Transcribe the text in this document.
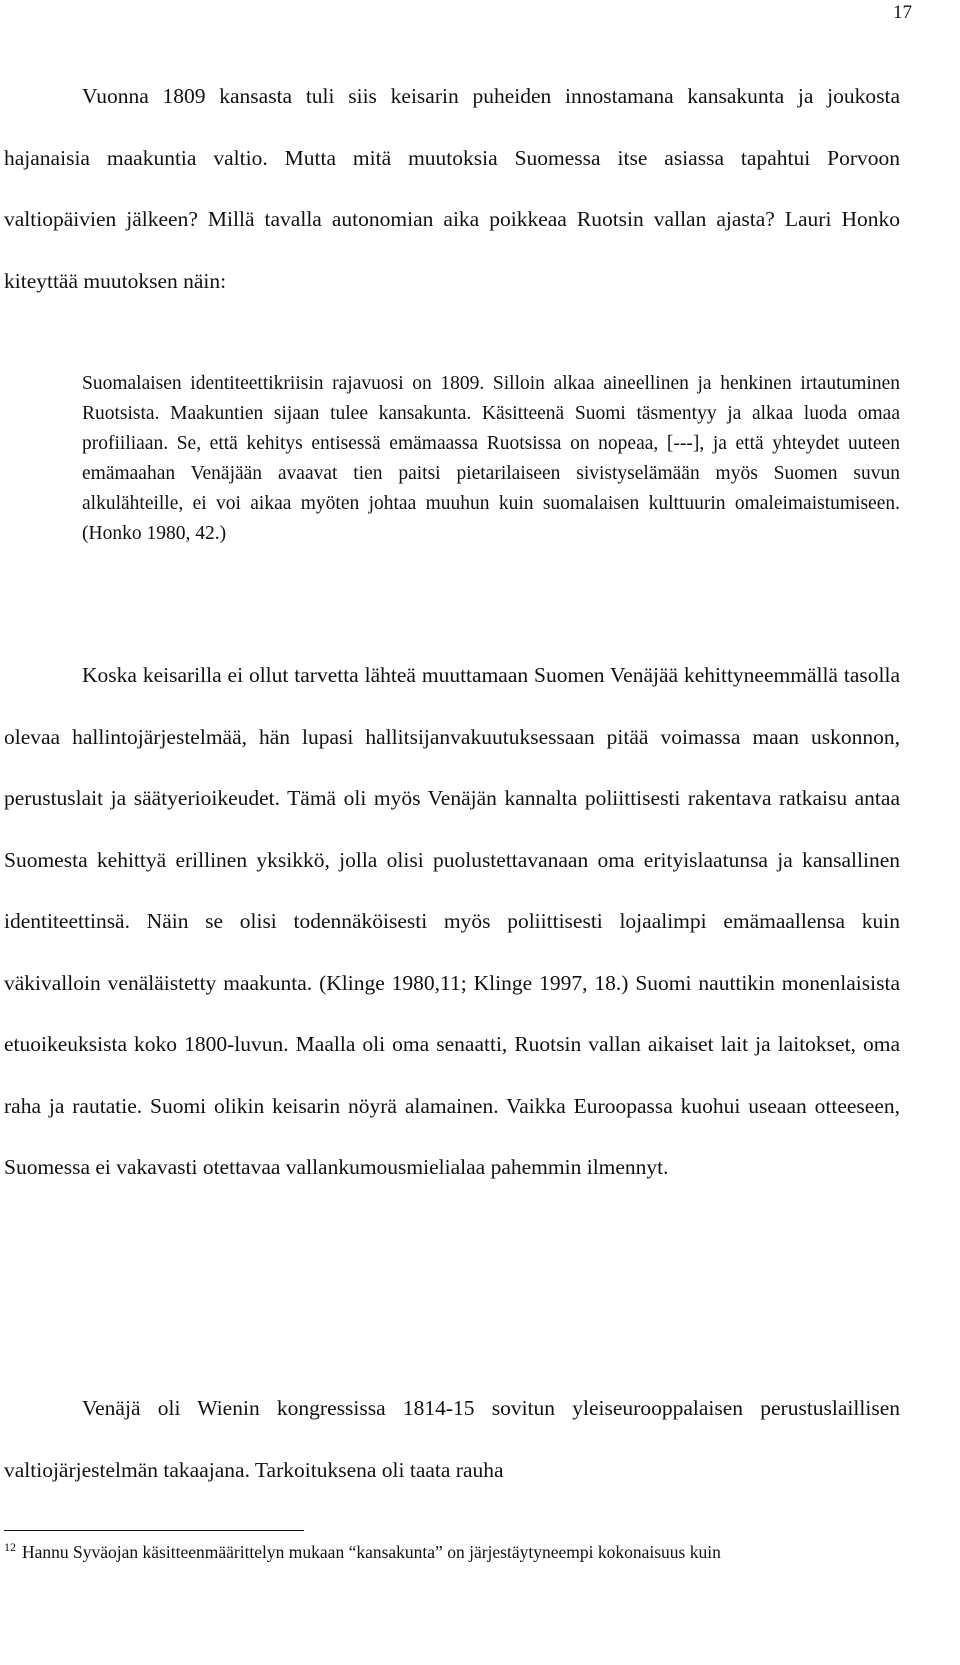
17

Vuonna 1809 kansasta tuli siis keisarin puheiden innostamana kansakunta ja joukosta hajanaisia maakuntia valtio. Mutta mitä muutoksia Suomessa itse asiassa tapahtui Porvoon valtiopäivien jälkeen? Millä tavalla autonomian aika poikkeaa Ruotsin vallan ajasta? Lauri Honko kiteyttää muutoksen näin:

Suomalaisen identiteettikriisin rajavuosi on 1809. Silloin alkaa aineellinen ja henkinen irtautuminen Ruotsista. Maakuntien sijaan tulee kansakunta. Käsitteenä Suomi täsmentyy ja alkaa luoda omaa profiiliaan. Se, että kehitys entisessä emämaassa Ruotsissa on nopeaa, [---], ja että yhteydet uuteen emämaahan Venäjään avaavat tien paitsi pietarilaiseen sivistyselämään myös Suomen suvun alkulähteille, ei voi aikaa myöten johtaa muuhun kuin suomalaisen kulttuurin omaleimaistumiseen. (Honko 1980, 42.)

Koska keisarilla ei ollut tarvetta lähteä muuttamaan Suomen Venäjää kehittyneemmällä tasolla olevaa hallintojärjestelmää, hän lupasi hallitsijanvakuutuksessaan pitää voimassa maan uskonnon, perustuslait ja säätyerioikeudet. Tämä oli myös Venäjän kannalta poliittisesti rakentava ratkaisu antaa Suomesta kehittyä erillinen yksikkö, jolla olisi puolustettavanaan oma erityislaatunsa ja kansallinen identiteettinsä. Näin se olisi todennäköisesti myös poliittisesti lojaalimpi emämaallensa kuin väkivalloin venäläistetty maakunta. (Klinge 1980,11; Klinge 1997, 18.) Suomi nauttikin monenlaisista etuoikeuksista koko 1800-luvun. Maalla oli oma senaatti, Ruotsin vallan aikaiset lait ja laitokset, oma raha ja rautatie. Suomi olikin keisarin nöyrä alamainen. Vaikka Euroopassa kuohui useaan otteeseen, Suomessa ei vakavasti otettavaa vallankumousmielialaa pahemmin ilmennyt.

Venäjä oli Wienin kongressissa 1814-15 sovitun yleiseurooppalaisen perustuslaillisen valtiojärjestelmän takaajana. Tarkoituksena oli taata rauha

$^{12}$ Hannu Syväojan käsitteenmäärittelyn mukaan “kansakunta” on järjestäytyneempi kokonaisuus kuin
